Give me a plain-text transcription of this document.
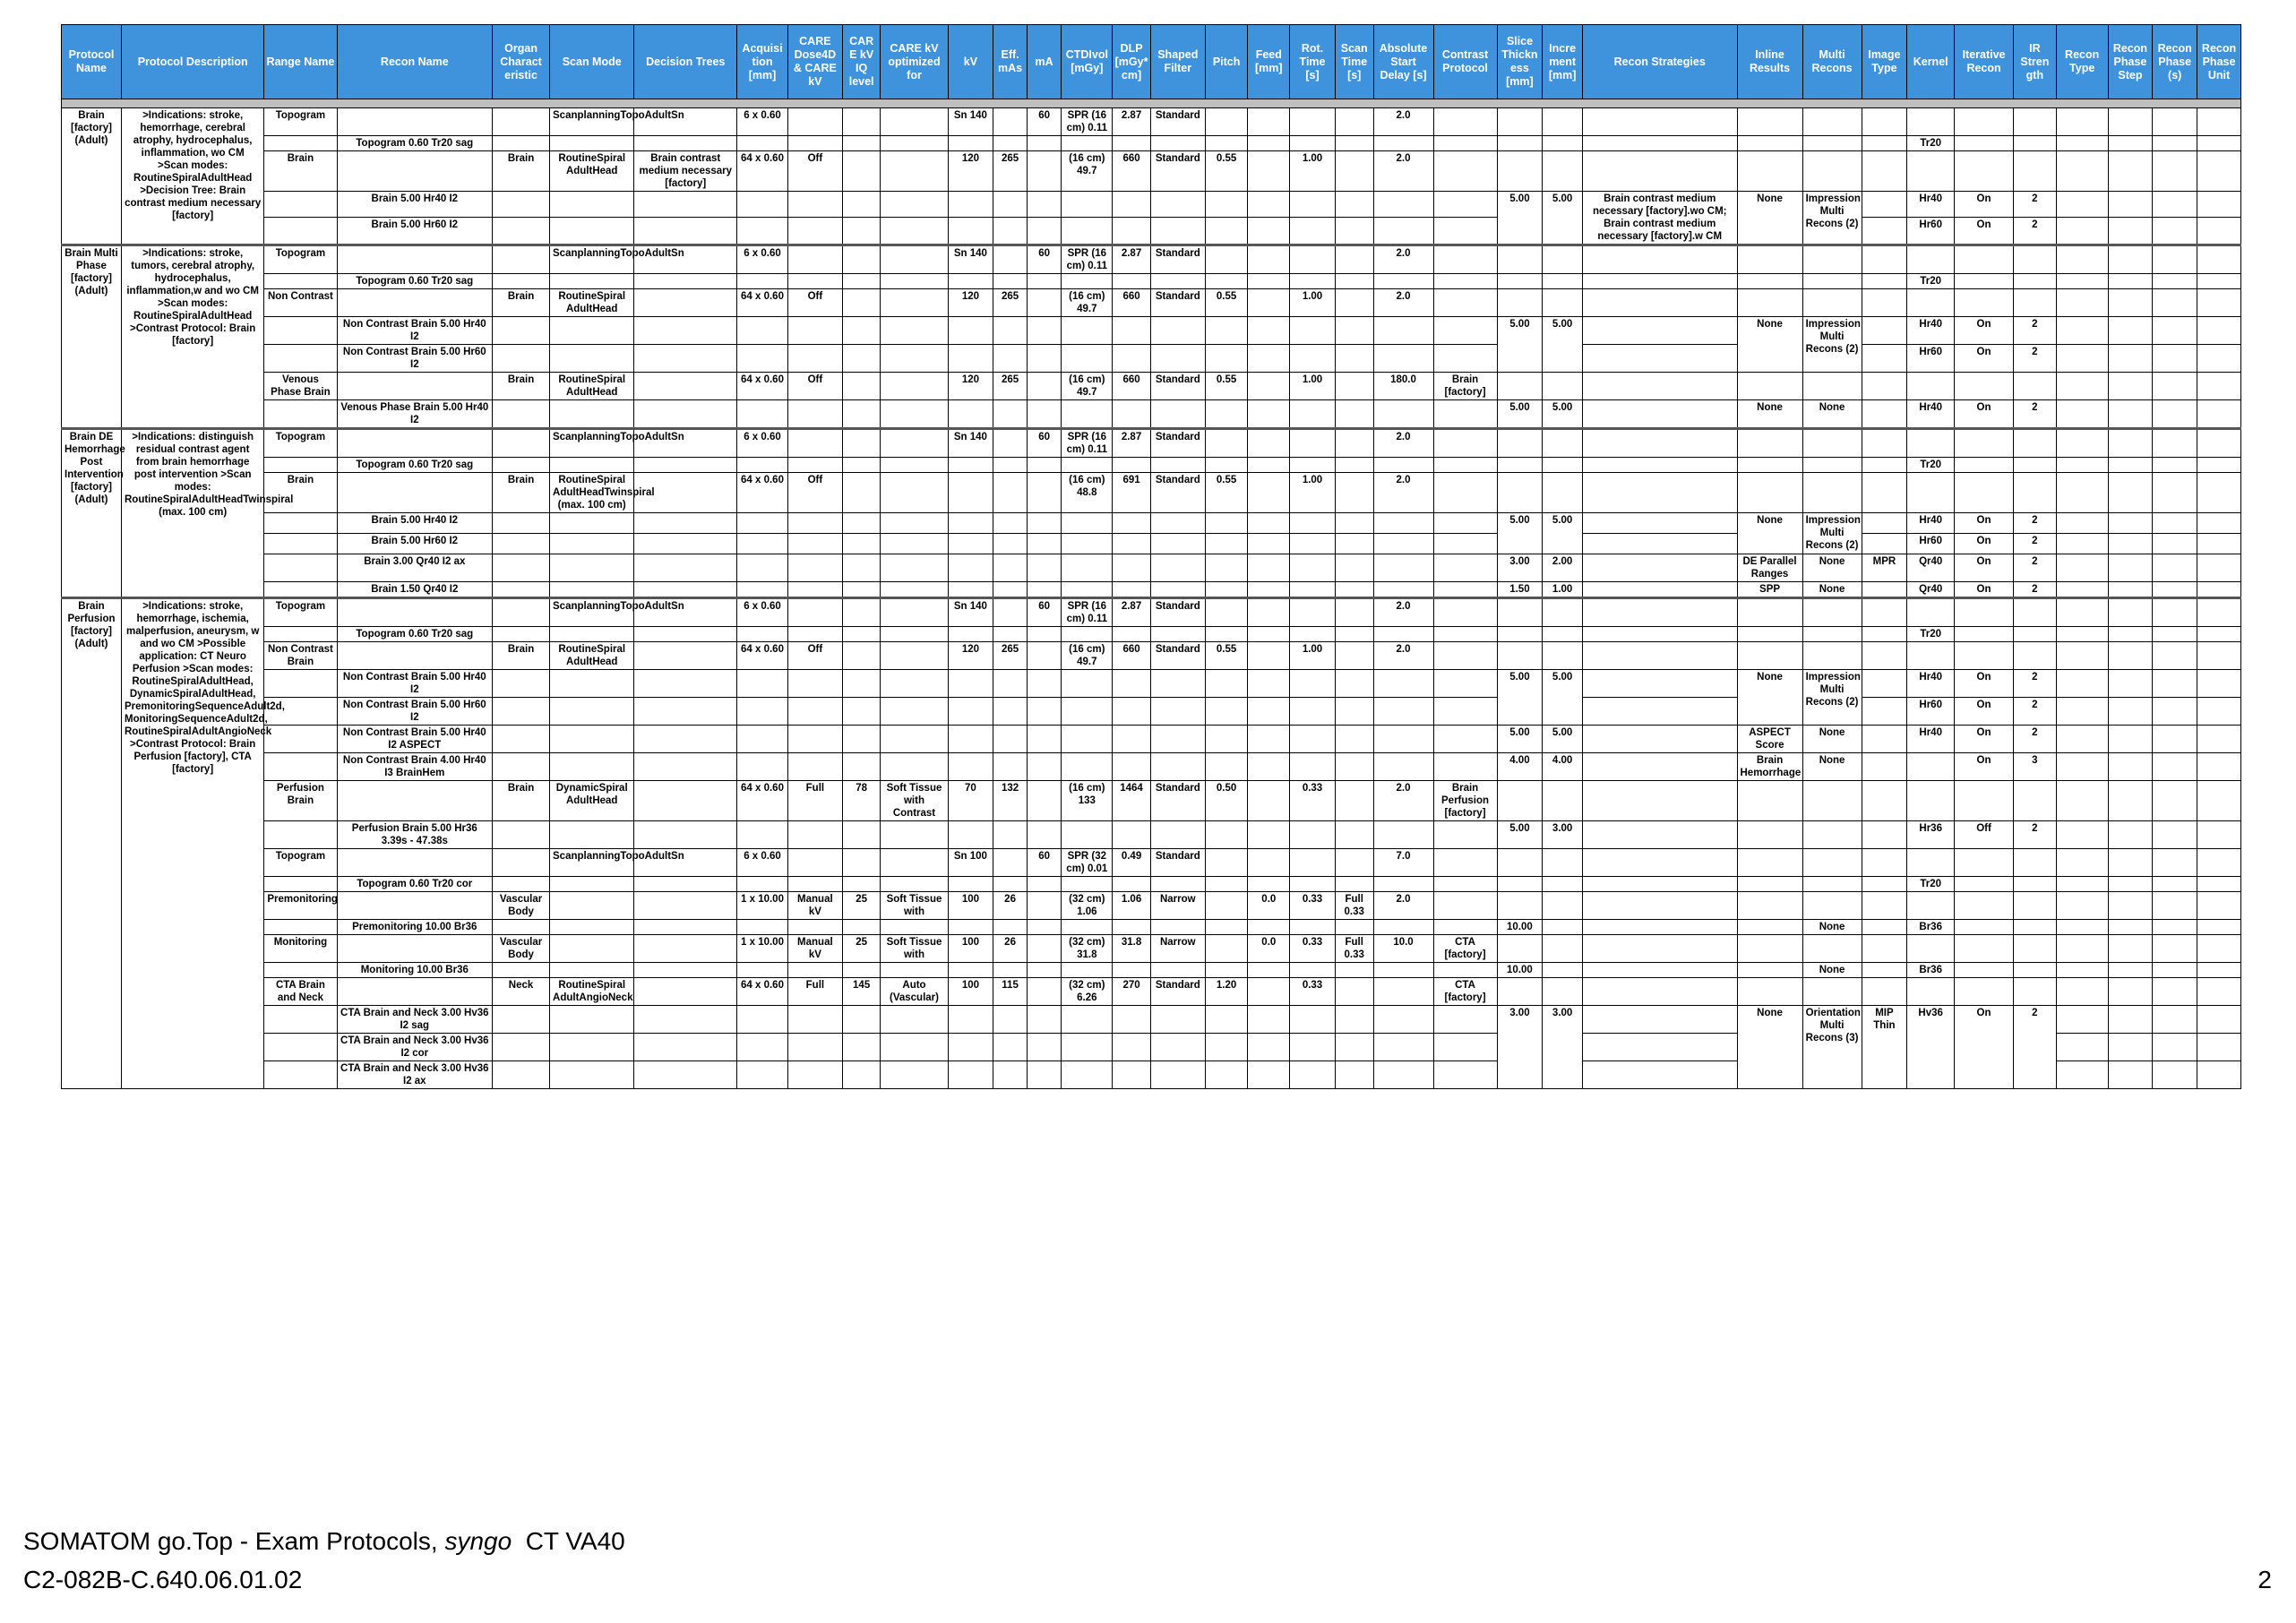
Protocol Name	Protocol Description	Range Name	Recon Name	Organ Charact eristic	Scan Mode	Decision Trees	Acquisi tion [mm]	CARE Dose4D & CARE kV	CAR E kV IQ level	CARE kV optimized for	kV	Eff. mAs	mA	CTDIvol [mGy]	DLP [mGy* cm]	Shaped Filter	Pitch	Feed [mm]	Rot. Time [s]	Scan Time [s]	Absolute Start Delay [s]	Contrast Protocol	Slice Thickn ess [mm]	Incre ment [mm]	Recon Strategies	Inline Results	Multi Recons	Image Type	Kernel	Iterative Recon	IR Stren gth	Recon Type	Recon Phase Step	Recon Phase (s)	Recon Phase Unit

Brain [factory] (Adult)	>Indications: stroke, hemorrhage, cerebral atrophy, hydrocephalus, inflammation, wo CM >Scan modes: RoutineSpiralAdultHead >Decision Tree: Brain contrast medium necessary [factory]	Topogram			ScanplanningTopoAdultSn		6 x 0.60				Sn 140		60	SPR (16 cm) 0.11	2.87	Standard					2.0														
			Topogram 0.60 Tr20 sag																										Tr20						
		Brain		Brain	RoutineSpiral AdultHead	Brain contrast medium necessary [factory]	64 x 0.60	Off			120	265		(16 cm) 49.7	660	Standard	0.55		1.00		2.0														
			Brain 5.00 Hr40 I2																				5.00	5.00	Brain contrast medium necessary [factory].wo CM; Brain contrast medium necessary [factory].w CM	None	Impression Multi Recons (2)		Hr40	On	2				
			Brain 5.00 Hr60 I2																										Hr60	On	2				
Brain Multi Phase [factory] (Adult)	>Indications: stroke, tumors, cerebral atrophy, hydrocephalus, inflammation,w and wo CM >Scan modes: RoutineSpiralAdultHead >Contrast Protocol: Brain [factory]	Topogram			ScanplanningTopoAdultSn		6 x 0.60				Sn 140		60	SPR (16 cm) 0.11	2.87	Standard					2.0														
			Topogram 0.60 Tr20 sag																										Tr20						
		Non Contrast		Brain	RoutineSpiral AdultHead		64 x 0.60	Off			120	265		(16 cm) 49.7	660	Standard	0.55		1.00		2.0														
			Non Contrast Brain 5.00 Hr40 I2																				5.00	5.00		None	Impression Multi Recons (2)		Hr40	On	2				
			Non Contrast Brain 5.00 Hr60 I2																										Hr60	On	2				
		Venous Phase Brain		Brain	RoutineSpiral AdultHead		64 x 0.60	Off			120	265		(16 cm) 49.7	660	Standard	0.55		1.00		180.0	Brain [factory]													
			Venous Phase Brain 5.00 Hr40 I2																				5.00	5.00		None	None		Hr40	On	2				
Brain DE Hemorrhage Post Intervention [factory] (Adult)	>Indications: distinguish residual contrast agent from brain hemorrhage post intervention >Scan modes: RoutineSpiralAdultHeadTwinspiral (max. 100 cm)	Topogram			ScanplanningTopoAdultSn		6 x 0.60				Sn 140		60	SPR (16 cm) 0.11	2.87	Standard					2.0														
			Topogram 0.60 Tr20 sag																										Tr20						
		Brain		Brain	RoutineSpiral AdultHeadTwinspiral (max. 100 cm)		64 x 0.60	Off						(16 cm) 48.8	691	Standard	0.55		1.00		2.0														
			Brain 5.00 Hr40 I2																				5.00	5.00		None	Impression Multi Recons (2)		Hr40	On	2				
			Brain 5.00 Hr60 I2																										Hr60	On	2				
			Brain 3.00 Qr40 I2 ax																				3.00	2.00		DE Parallel Ranges	None	MPR	Qr40	On	2				
			Brain 1.50 Qr40 I2																				1.50	1.00		SPP	None		Qr40	On	2				
Brain Perfusion [factory] (Adult)	>Indications: stroke, hemorrhage, ischemia, malperfusion, aneurysm, w and wo CM >Possible application: CT Neuro Perfusion >Scan modes: RoutineSpiralAdultHead, DynamicSpiralAdultHead, PremonitoringSequenceAdult2d, MonitoringSequenceAdult2d, RoutineSpiralAdultAngioNeck >Contrast Protocol: Brain Perfusion [factory], CTA [factory]	Topogram			ScanplanningTopoAdultSn		6 x 0.60				Sn 140		60	SPR (16 cm) 0.11	2.87	Standard					2.0														
			Topogram 0.60 Tr20 sag																										Tr20						
		Non Contrast Brain		Brain	RoutineSpiral AdultHead		64 x 0.60	Off			120	265		(16 cm) 49.7	660	Standard	0.55		1.00		2.0														
			Non Contrast Brain 5.00 Hr40 I2																				5.00	5.00		None	Impression Multi Recons (2)		Hr40	On	2				
			Non Contrast Brain 5.00 Hr60 I2																										Hr60	On	2				
			Non Contrast Brain 5.00 Hr40 I2 ASPECT																				5.00	5.00		ASPECT Score	None		Hr40	On	2				
			Non Contrast Brain 4.00 Hr40 I3 BrainHem																				4.00	4.00		Brain Hemorrhage	None			On	3				
		Perfusion Brain		Brain	DynamicSpiral AdultHead		64 x 0.60	Full	78	Soft Tissue with Contrast	70	132		(16 cm) 133	1464	Standard	0.50		0.33		2.0	Brain Perfusion [factory]													
			Perfusion Brain 5.00 Hr36 3.39s - 47.38s																				5.00	3.00					Hr36	Off	2				
		Topogram			ScanplanningTopoAdultSn		6 x 0.60				Sn 100		60	SPR (32 cm) 0.01	0.49	Standard					7.0														
			Topogram 0.60 Tr20 cor																										Tr20						
		Premonitoring		Vascular Body			1 x 10.00	Manual kV	25	Soft Tissue with	100	26		(32 cm) 1.06	1.06	Narrow		0.0	0.33	Full 0.33	2.0														
			Premonitoring 10.00 Br36																				10.00				None		Br36						
		Monitoring		Vascular Body			1 x 10.00	Manual kV	25	Soft Tissue with	100	26		(32 cm) 31.8	31.8	Narrow		0.0	0.33	Full 0.33	10.0	CTA [factory]													
			Monitoring 10.00 Br36																				10.00				None		Br36						
		CTA Brain and Neck		Neck	RoutineSpiral AdultAngioNeck		64 x 0.60	Full	145	Auto (Vascular)	100	115		(32 cm) 6.26	270	Standard	1.20		0.33			CTA [factory]													
			CTA Brain and Neck 3.00 Hv36 I2 sag																				3.00	3.00		None	Orientation Multi Recons (3)	MIP Thin	Hv36	On	2				
			CTA Brain and Neck 3.00 Hv36 I2 cor																																
			CTA Brain and Neck 3.00 Hv36 I2 ax																																
SOMATOM go.Top - Exam Protocols, syngo  CT VA40
C2-082B-C.640.06.01.02	2
